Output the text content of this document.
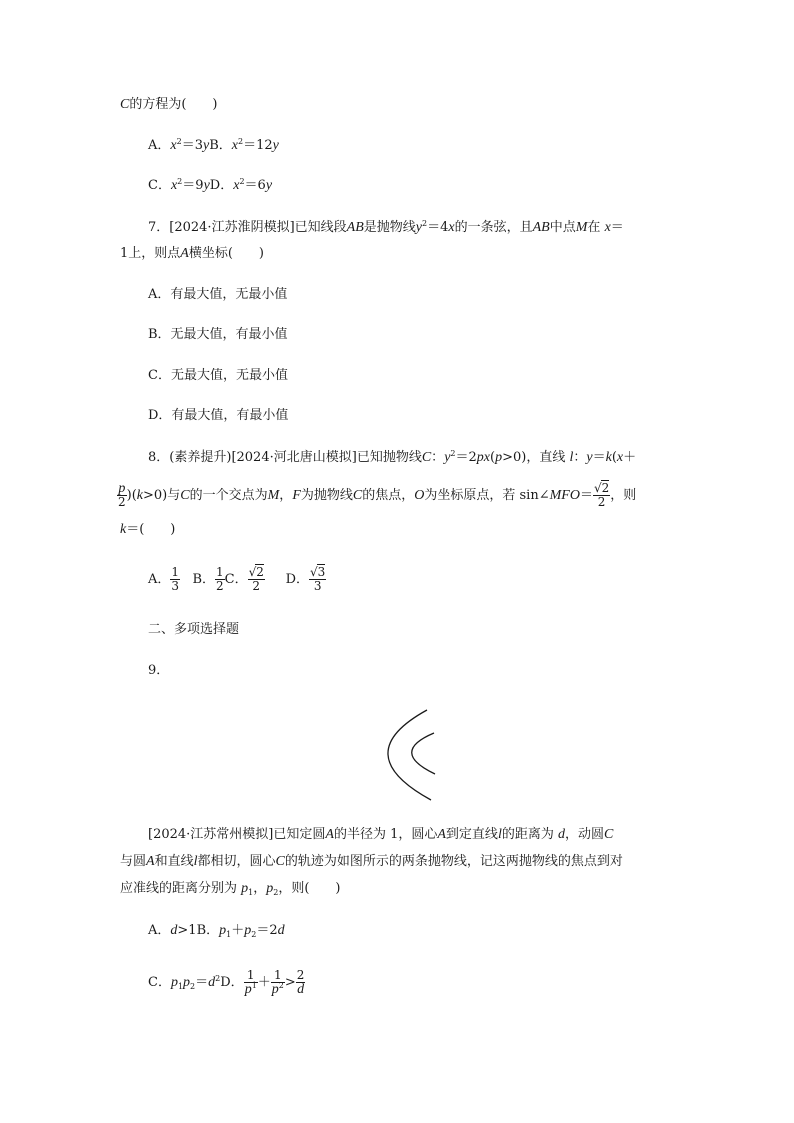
C的方程为(　　)
A．$x^2=3yB$．$x^2=12y$
C．$x^2=9yD$．$x^2=6y$
7．[2024·江苏淮阴模拟]已知线段AB是抛物线$y^2=4x$的一条弦，且AB中点M在 x＝
1上，则点A横坐标(　　)
A．有最大值，无最小值
B．无最大值，有最小值
C．无最大值，无最小值
D．有最大值，有最小值
8．(素养提升)[2024·河北唐山模拟]已知抛物线C：$y^2=2px(p>0)$，直线 l：y＝k(x＋
$\frac{p}{2} )(k>0)$与C的一个交点为M，F为抛物线C的焦点，O为坐标原点，若 sin∠MFO＝ $\frac{√2}{2}$ ，则
k＝(　　)
A． $\frac{1}{3}$ B． $\frac{1}{2}$ C． $\frac{√2}{2}$ D． $\frac{√3}{3}$
二、多项选择题
9．
[2024·江苏常州模拟]已知定圆A的半径为 1，圆心A到定直线l的距离为 d，动圆C
与圆A和直线l都相切，圆心C的轨迹为如图所示的两条抛物线，记这两抛物线的焦点到对
应准线的距离分别为 $p_1$，$p_2$，则(　　)
A．d>1B．$p_1+p_2=2d$
C．$p_1p_2=d^2D$． $\frac{1}{p^1} + \frac{1}{p^2} > \frac{2}{d}$
